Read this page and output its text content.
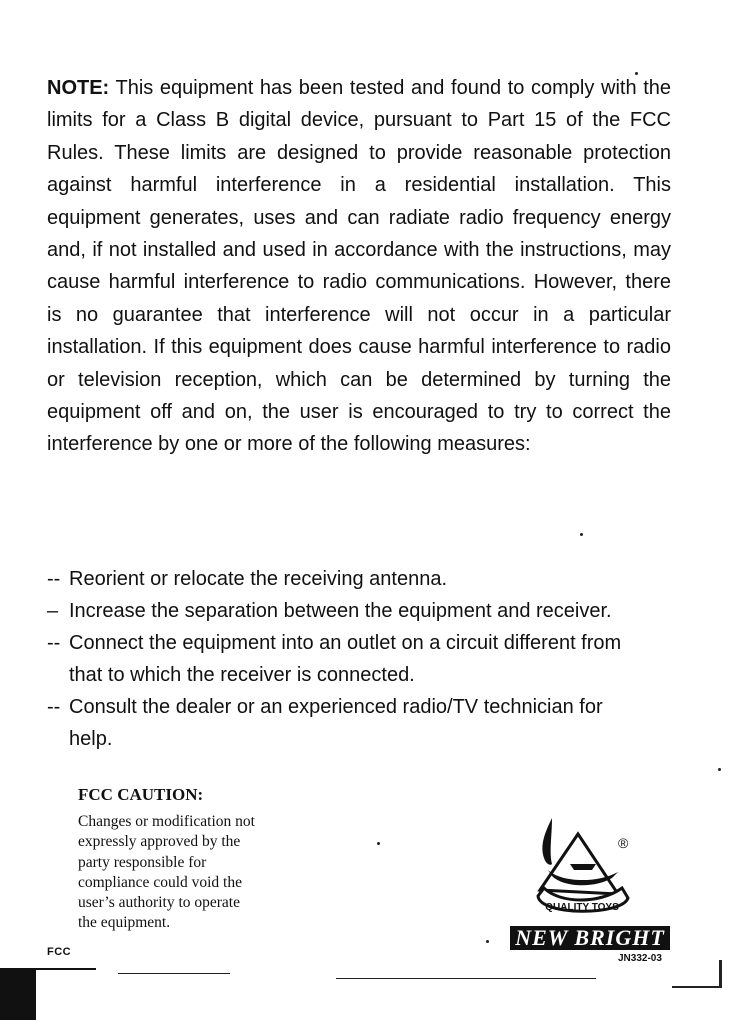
NOTE: This equipment has been tested and found to comply with the limits for a Class B digital device, pursuant to Part 15 of the FCC Rules. These limits are designed to provide reasonable protection against harmful interference in a residential installation. This equipment generates, uses and can radiate radio frequency energy and, if not installed and used in accordance with the instructions, may cause harmful interference to radio communications. However, there is no guarantee that interference will not occur in a particular installation. If this equipment does cause harmful interference to radio or television reception, which can be determined by turning the equipment off and on, the user is encouraged to try to correct the interference by one or more of the following measures:

-- Reorient or relocate the receiving antenna.
– Increase the separation between the equipment and receiver.
-- Connect the equipment into an outlet on a circuit different from that to which the receiver is connected.
-- Consult the dealer or an experienced radio/TV technician for help.

FCC CAUTION:

Changes or modification not
expressly approved by the
party responsible for
compliance could void the
user’s authority to operate
the equipment.

FCC

®
QUALITY TOYS
NEW BRIGHT

JN332-03
